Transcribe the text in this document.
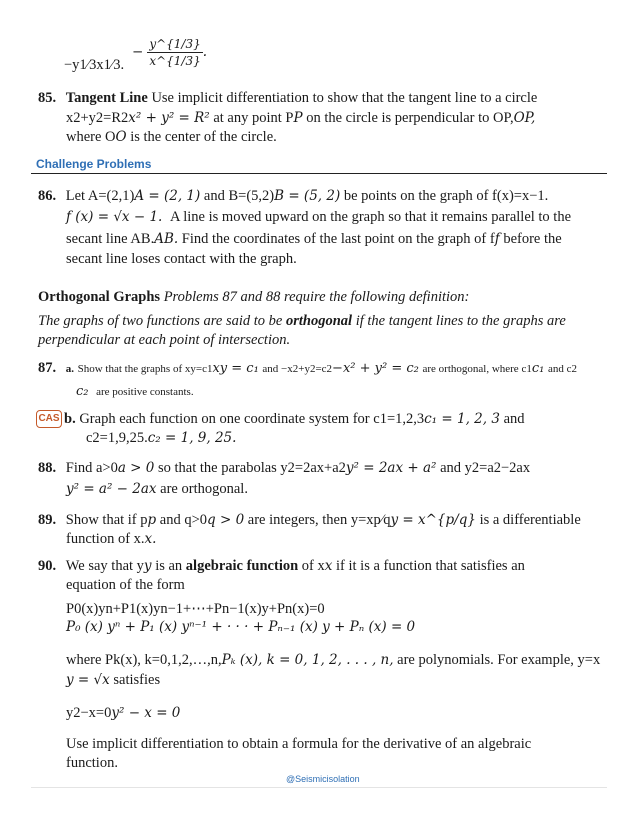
−y1⁄3x1⁄3.
− $\frac{y\^{}\{1/3\}}{x\^{}\{1/3\}}$ .
85. Tangent Line Use implicit differentiation to show that the tangent line to a circle
x2+y2=R2x² + y² = R² at any point PP on the circle is perpendicular to OP,OP,
where OO is the center of the circle.
Challenge Problems
86. Let A=(2,1)A = (2, 1) and B=(5,2)B = (5, 2) be points on the graph of f(x)=x−1.
f (x) = √x − 1. A line is moved upward on the graph so that it remains parallel to the
secant line AB.AB. Find the coordinates of the last point on the graph of ff before the
secant line loses contact with the graph.
Orthogonal Graphs Problems 87 and 88 require the following definition:
The graphs of two functions are said to be orthogonal if the tangent lines to the graphs are
perpendicular at each point of intersection.
87. a. Show that the graphs of xy=c1xy = c₁ and −x2+y2=c2−x² + y² = c₂ are orthogonal, where c1c₁ and c2
c₂ are positive constants.
CAS b. Graph each function on one coordinate system for c1=1,2,3c₁ = 1, 2, 3 and
c2=1,9,25.c₂ = 1, 9, 25.
88. Find a>0a > 0 so that the parabolas y2=2ax+a2y² = 2ax + a² and y2=a2−2ax
y² = a² − 2ax are orthogonal.
89. Show that if pp and q>0q > 0 are integers, then y=xp⁄qy = x^{p/q} is a differentiable
function of x.x.
90. We say that yy is an algebraic function of xx if it is a function that satisfies an
equation of the form
P0(x)yn+P1(x)yn−1+⋯+Pn−1(x)y+Pn(x)=0
P₀ (x) yⁿ + P₁ (x) yⁿ⁻¹ + · · · + Pₙ₋₁ (x) y + Pₙ (x) = 0
where Pk(x), k=0,1,2,…,n,Pₖ (x), k = 0, 1, 2, . . . , n, are polynomials. For example, y=x
y = √x satisfies
y2−x=0y² − x = 0
Use implicit differentiation to obtain a formula for the derivative of an algebraic
function.
@Seismicisolation
